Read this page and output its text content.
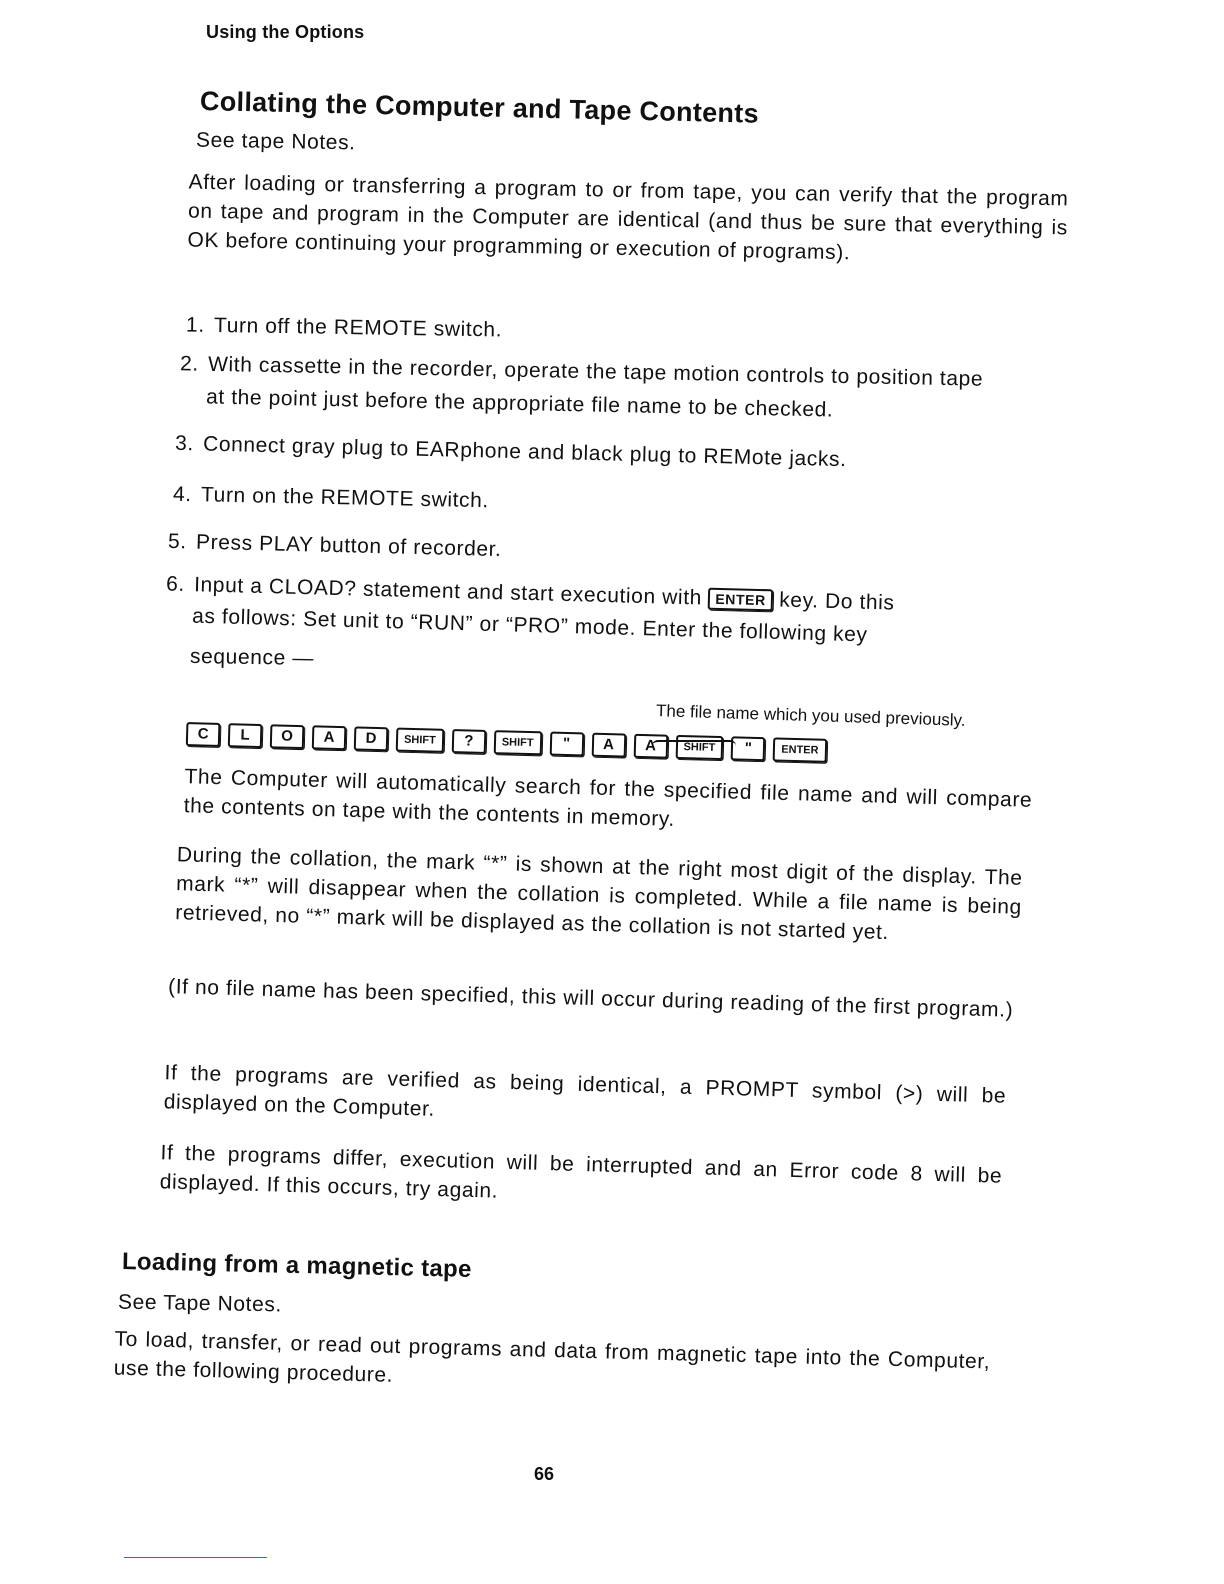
Using the Options
Collating the Computer and Tape Contents
See tape Notes.
After loading or transferring a program to or from tape, you can verify that the program on tape and program in the Computer are identical (and thus be sure that everything is OK before continuing your programming or execution of programs).
1. Turn off the REMOTE switch.
2. With cassette in the recorder, operate the tape motion controls to position tape
at the point just before the appropriate file name to be checked.
3. Connect gray plug to EARphone and black plug to REMote jacks.
4. Turn on the REMOTE switch.
5. Press PLAY button of recorder.
6. Input a CLOAD? statement and start execution with ENTER key. Do this
as follows: Set unit to “RUN” or “PRO” mode. Enter the following key
sequence —
The file name which you used previously.
C L O A D SHIFT ?	SHIFT " A A SHIFT "	ENTER
The Computer will automatically search for the specified file name and will compare the contents on tape with the contents in memory.
During the collation, the mark “*” is shown at the right most digit of the display. The mark “*” will disappear when the collation is completed. While a file name is being retrieved, no “*” mark will be displayed as the collation is not started yet.
(If no file name has been specified, this will occur during reading of the first program.)
If the programs are verified as being identical, a PROMPT symbol (>) will be displayed on the Computer.
If the programs differ, execution will be interrupted and an Error code 8 will be displayed. If this occurs, try again.
Loading from a magnetic tape
See Tape Notes.
To load, transfer, or read out programs and data from magnetic tape into the Computer, use the following procedure.
66
